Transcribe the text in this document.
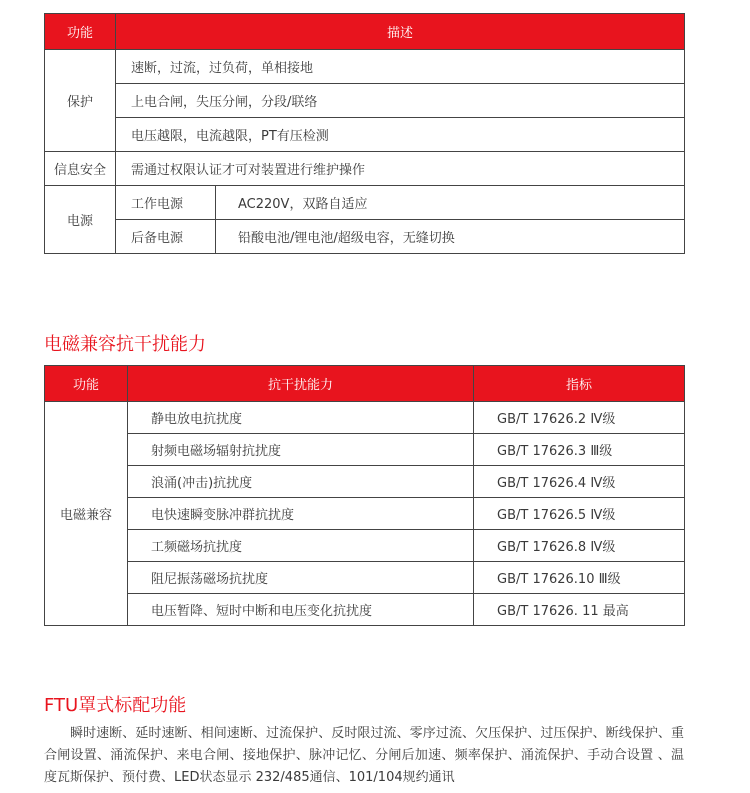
功能	描述	
保护	速断，过流，过负荷，单相接地	
	上电合闸，失压分闸，分段/联络	
	电压越限，电流越限，PT有压检测	
信息安全	需通过权限认证才可对装置进行维护操作	
电源	工作电源	AC220V，双路自适应
	后备电源	铅酸电池/锂电池/超级电容，无缝切换
电磁兼容抗干扰能力
功能	抗干扰能力	指标
电磁兼容	静电放电抗扰度	GB/T 17626.2 Ⅳ级
	射频电磁场辐射抗扰度	GB/T 17626.3 Ⅲ级
	浪涌(冲击)抗扰度	GB/T 17626.4 Ⅳ级
	电快速瞬变脉冲群抗扰度	GB/T 17626.5 Ⅳ级
	工频磁场抗扰度	GB/T 17626.8 Ⅳ级
	阻尼振荡磁场抗扰度	GB/T 17626.10 Ⅲ级
	电压暂降、短时中断和电压变化抗扰度	GB/T 17626. 11 最高
FTU罩式标配功能

瞬时速断、延时速断、相间速断、过流保护、反时限过流、零序过流、欠压保护、过压保护、断线保护、重合闸设置、涌流保护、来电合闸、接地保护、脉冲记忆、分闸后加速、频率保护、涌流保护、手动合设置 、温度瓦斯保护、预付费、LED状态显示 232/485通信、101/104规约通讯
